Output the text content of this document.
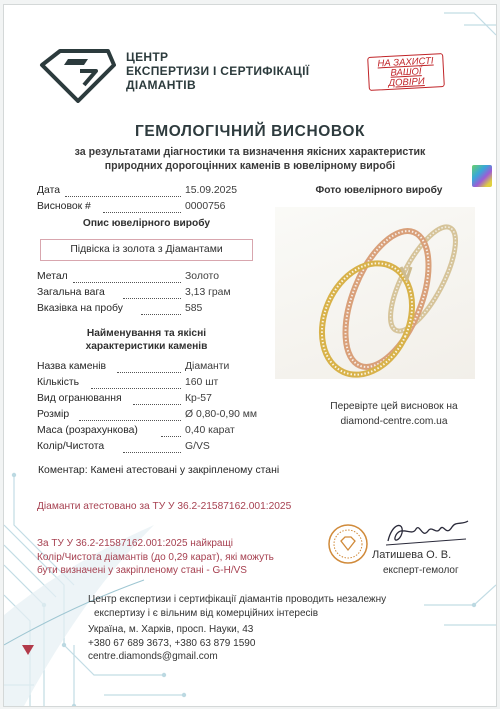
ЦЕНТР
ЕКСПЕРТИЗИ І СЕРТИФІКАЦІЇ
ДІАМАНТІВ
НА ЗАХИСТІ
ВАШОЇ
ДОВІРИ
ГЕМОЛОГІЧНИЙ ВИСНОВОК
за результатами діагностики та визначення якісних характеристик
природних дорогоцінних каменів в ювелірному виробі
Дата	15.09.2025
Висновок #	0000756
Опис ювелірного виробу
Підвіска із золота з Діамантами
Метал	Золото
Загальна вага	3,13 грам
Вказівка на пробу	585
Найменування та якісні
характеристики каменів
Назва каменів	Діаманти
Кількість	160 шт
Вид огранювання	Кр-57
Розмір	Ø 0,80-0,90 мм
Маса (розрахункова)	0,40 карат
Колір/Чистота	G/VS
Коментар: Камені атестовані у закріпленому стані
Фото ювелірного виробу
Перевірте цей висновок на
diamond-centre.com.ua
Діаманти атестовано за ТУ У 36.2-21587162.001:2025
За ТУ У 36.2-21587162.001:2025 найкращі
Колір/Чистота діамантів (до 0,29 карат), які можуть
бути визначені у закріпленому стані - G-H/VS
Латишева О. В.
експерт-гемолог
Центр експертизи і сертифікації діамантів проводить незалежну
експертизу і є вільним від комерційних інтересів
Україна, м. Харків, просп. Науки, 43
+380 67 689 3673, +380 63 879 1590
centre.diamonds@gmail.com
